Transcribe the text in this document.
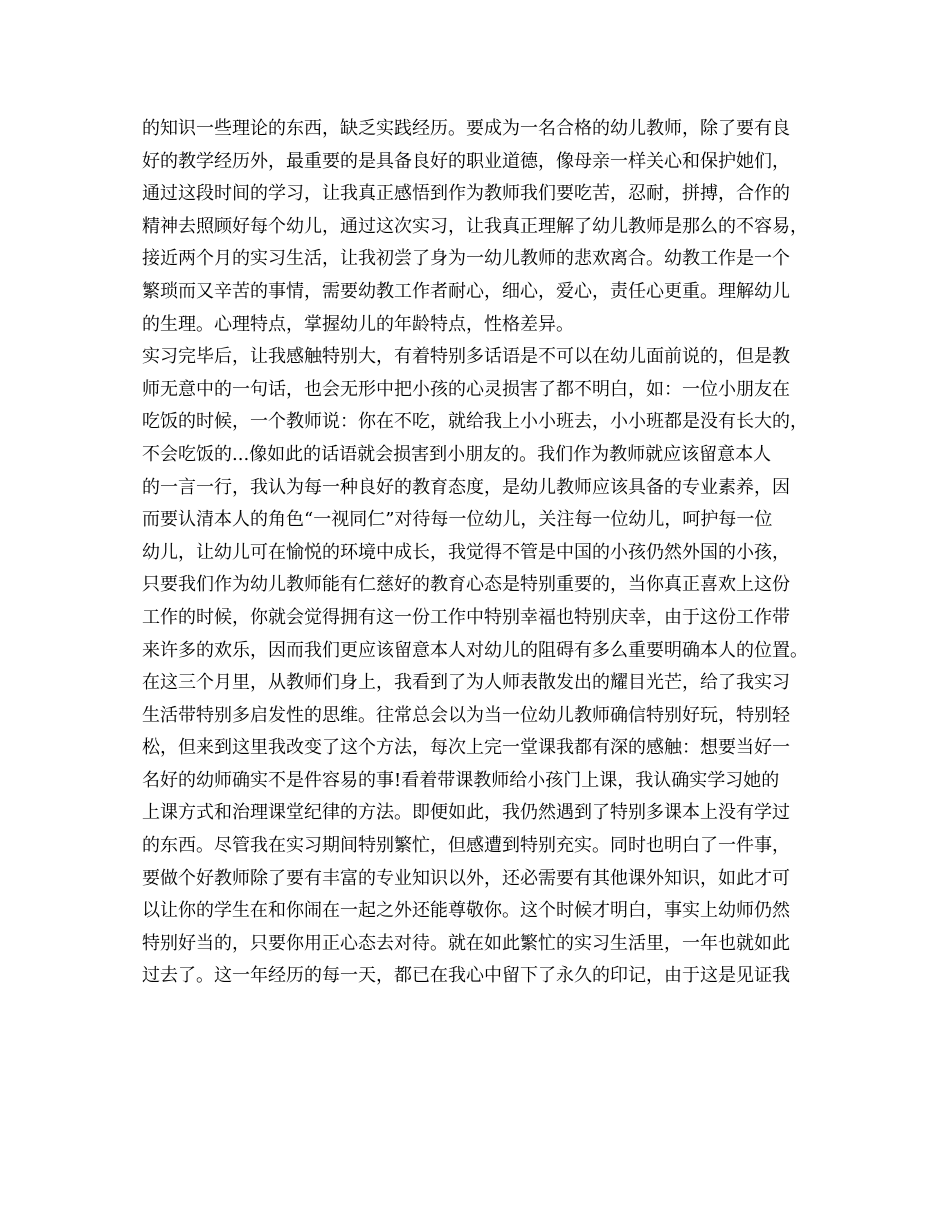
的知识一些理论的东西，缺乏实践经历。要成为一名合格的幼儿教师，除了要有良
好的教学经历外，最重要的是具备良好的职业道德，像母亲一样关心和保护她们，
通过这段时间的学习，让我真正感悟到作为教师我们要吃苦，忍耐，拼搏，合作的
精神去照顾好每个幼儿，通过这次实习，让我真正理解了幼儿教师是那么的不容易，
接近两个月的实习生活，让我初尝了身为一幼儿教师的悲欢离合。幼教工作是一个
繁琐而又辛苦的事情，需要幼教工作者耐心，细心，爱心，责任心更重。理解幼儿
的生理。心理特点，掌握幼儿的年龄特点，性格差异。
实习完毕后，让我感触特别大，有着特别多话语是不可以在幼儿面前说的，但是教
师无意中的一句话，也会无形中把小孩的心灵损害了都不明白，如：一位小朋友在
吃饭的时候，一个教师说：你在不吃，就给我上小小班去，小小班都是没有长大的，
不会吃饭的...像如此的话语就会损害到小朋友的。我们作为教师就应该留意本人
的一言一行，我认为每一种良好的教育态度，是幼儿教师应该具备的专业素养，因
而要认清本人的角色“一视同仁”对待每一位幼儿，关注每一位幼儿，呵护每一位
幼儿，让幼儿可在愉悦的环境中成长，我觉得不管是中国的小孩仍然外国的小孩，
只要我们作为幼儿教师能有仁慈好的教育心态是特别重要的，当你真正喜欢上这份
工作的时候，你就会觉得拥有这一份工作中特别幸福也特别庆幸，由于这份工作带
来许多的欢乐，因而我们更应该留意本人对幼儿的阻碍有多么重要明确本人的位置。
在这三个月里，从教师们身上，我看到了为人师表散发出的耀目光芒，给了我实习
生活带特别多启发性的思维。往常总会以为当一位幼儿教师确信特别好玩，特别轻
松，但来到这里我改变了这个方法，每次上完一堂课我都有深的感触：想要当好一
名好的幼师确实不是件容易的事!看着带课教师给小孩门上课，我认确实学习她的
上课方式和治理课堂纪律的方法。即便如此，我仍然遇到了特别多课本上没有学过
的东西。尽管我在实习期间特别繁忙，但感遭到特别充实。同时也明白了一件事，
要做个好教师除了要有丰富的专业知识以外，还必需要有其他课外知识，如此才可
以让你的学生在和你闹在一起之外还能尊敬你。这个时候才明白，事实上幼师仍然
特别好当的，只要你用正心态去对待。就在如此繁忙的实习生活里，一年也就如此
过去了。这一年经历的每一天，都已在我心中留下了永久的印记，由于这是见证我
